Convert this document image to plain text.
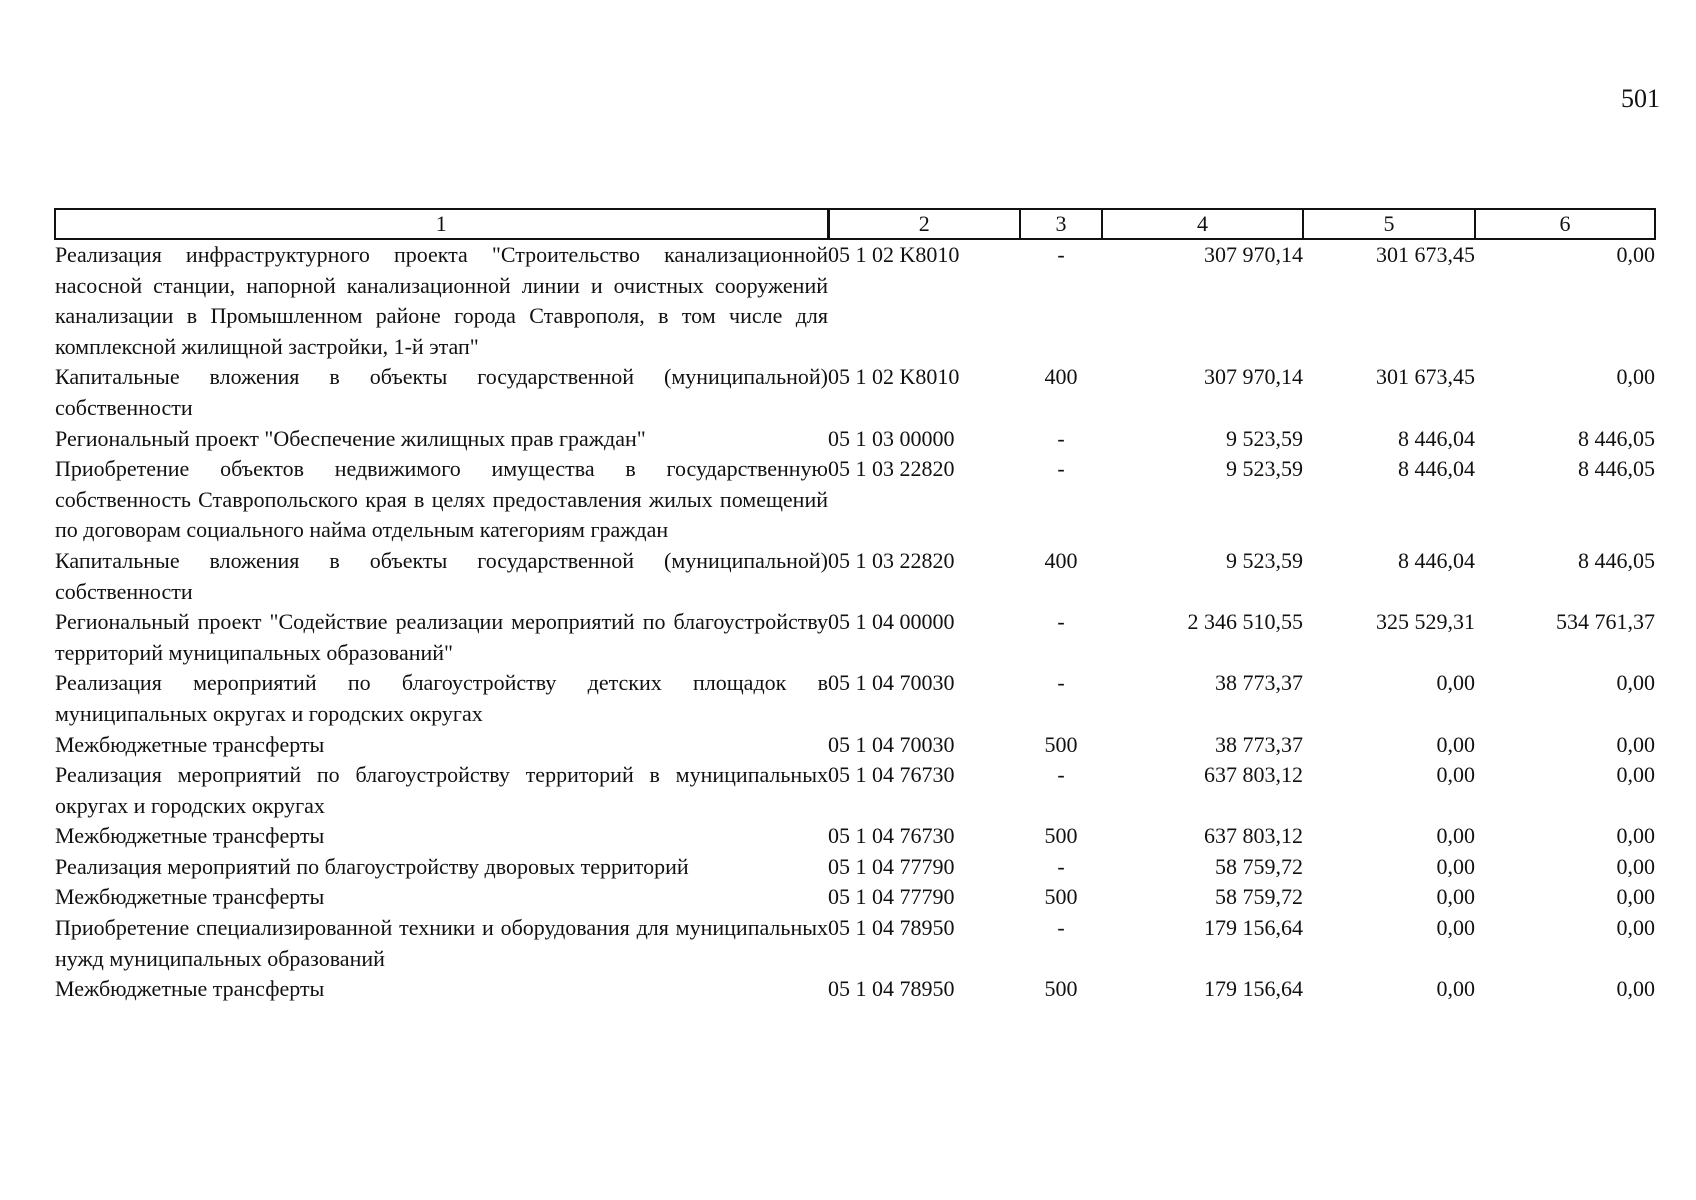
501
1	2	3	4	5	6
Реализация инфраструктурного проекта "Строительство канализационной насосной станции, напорной канализационной линии и очистных сооружений канализации в Промышленном районе города Ставрополя, в том числе для комплексной жилищной застройки, 1-й этап"	05 1 02 K8010	-	307 970,14	301 673,45	0,00
Капитальные вложения в объекты государственной (муниципальной) собственности	05 1 02 K8010	400	307 970,14	301 673,45	0,00
Региональный проект "Обеспечение жилищных прав граждан"	05 1 03 00000	-	9 523,59	8 446,04	8 446,05
Приобретение объектов недвижимого имущества в государственную собственность Ставропольского края в целях предоставления жилых помещений по договорам социального найма отдельным категориям граждан	05 1 03 22820	-	9 523,59	8 446,04	8 446,05
Капитальные вложения в объекты государственной (муниципальной) собственности	05 1 03 22820	400	9 523,59	8 446,04	8 446,05
Региональный проект "Содействие реализации мероприятий по благоустройству территорий муниципальных образований"	05 1 04 00000	-	2 346 510,55	325 529,31	534 761,37
Реализация мероприятий по благоустройству детских площадок в муниципальных округах и городских округах	05 1 04 70030	-	38 773,37	0,00	0,00
Межбюджетные трансферты	05 1 04 70030	500	38 773,37	0,00	0,00
Реализация мероприятий по благоустройству территорий в муниципальных округах и городских округах	05 1 04 76730	-	637 803,12	0,00	0,00
Межбюджетные трансферты	05 1 04 76730	500	637 803,12	0,00	0,00
Реализация мероприятий по благоустройству дворовых территорий	05 1 04 77790	-	58 759,72	0,00	0,00
Межбюджетные трансферты	05 1 04 77790	500	58 759,72	0,00	0,00
Приобретение специализированной техники и оборудования для муниципальных нужд муниципальных образований	05 1 04 78950	-	179 156,64	0,00	0,00
Межбюджетные трансферты	05 1 04 78950	500	179 156,64	0,00	0,00
